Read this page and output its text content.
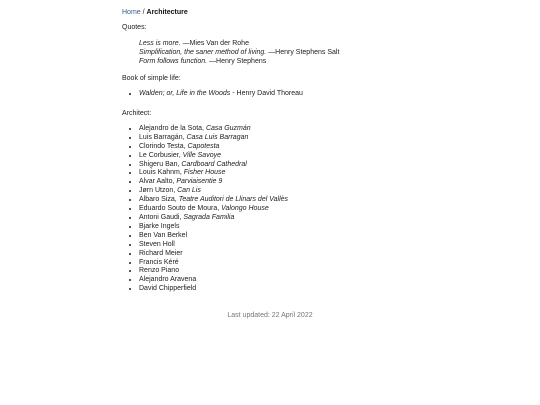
Home / Architecture

Quotes:

Less is more. —Mies Van der Rohe
Simplification, the saner method of living. —Henry Stephens Salt
Form follows function. —Henry Stephens

Book of simple life:

• Walden; or, Life in the Woods - Henry David Thoreau

Architect:

• Alejandro de la Sota, Casa Guzmán
• Luis Barragán, Casa Luis Barragan
• Clorindo Testa, Capotesta
• Le Corbusier, Ville Savoye
• Shigeru Ban, Cardboard Cathedral
• Louis Kahnm, Fisher House
• Alvar Aalto, Parviaisentie 9
• Jørn Utzon, Can Lis
• Albaro Siza, Teatre Auditori de Llinars del Vallès
• Eduardo Souto de Moura, Valongo House
• Antoni Gaudi, Sagrada Familia
• Bjarke Ingels
• Ben Van Berkel
• Steven Holl
• Richard Meier
• Francis Kéré
• Renzo Piano
• Alejandro Aravena
• David Chipperfield
Last updated: 22 April 2022
